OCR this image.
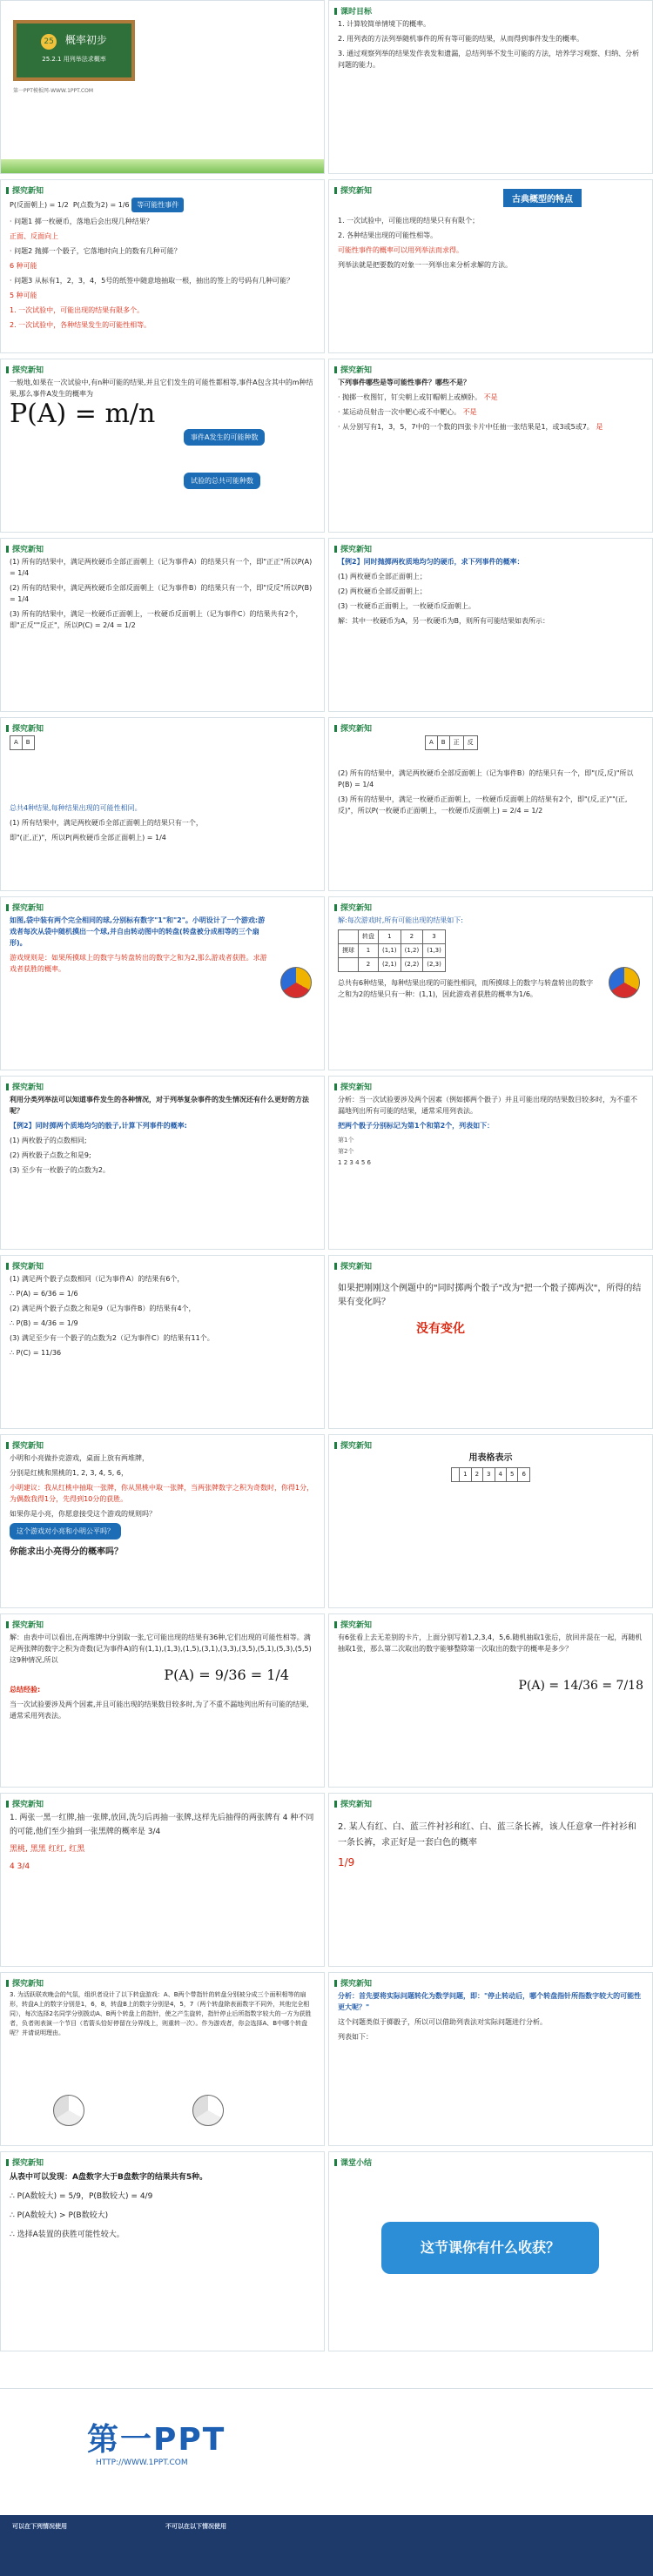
25 概率初步
25.2.1 用列举法求概率
第一PPT模板网-WWW.1PPT.COM
课时目标

1. 计算较简单情境下的概率。

2. 用列表的方法列举随机事件的所有等可能的结果，从而得到事件发生的概率。

3. 通过观察列举的结果发作表发和遗漏，总结列举不发生可能的方法，培养学习观察、归纳、分析问题的能力。

探究新知

P(反面朝上) = 1/2 P(点数为2) = 1/6 等可能性事件

· 问题1 掷一枚硬币，落地后会出现几种结果？

正面、反面向上

· 问题2 抛掷一个骰子，它落地时向上的数有几种可能？

6 种可能

· 问题3 从标有1，2，3，4，5号的纸签中随意地抽取一根，抽出的签上的号码有几种可能？

5 种可能

1. 一次试验中，可能出现的结果有限多个。

2. 一次试验中，各种结果发生的可能性相等。

探究新知
古典概型的特点

1. 一次试验中，可能出现的结果只有有限个；

2. 各种结果出现的可能性相等。

可能性事件的概率可以用列举法而求得。

列举法就是把要数的对象一一列举出来分析求解的方法。

探究新知

一般地,如果在一次试验中,有n种可能的结果,并且它们发生的可能性都相等,事件A包含其中的m种结果,那么事件A发生的概率为

P(A) = m/n
事件A发生的可能种数
试验的总共可能种数
探究新知

下列事件哪些是等可能性事件？哪些不是？

· 抛掷一枚图钉，钉尖朝上或钉帽朝上或横卧。 不是

· 某运动员射击一次中靶心或不中靶心。 不是

· 从分别写有1，3，5，7中的一个数的四张卡片中任抽一张结果是1，或3或5或7。 是

探究新知

(1) 所有的结果中，满足两枚硬币全部正面朝上（记为事件A）的结果只有一个，即"正正"所以P(A) = 1/4

(2) 所有的结果中，满足两枚硬币全部反面朝上（记为事件B）的结果只有一个，即"反反"所以P(B) = 1/4

(3) 所有的结果中，满足一枚硬币正面朝上，一枚硬币反面朝上（记为事件C）的结果共有2个，即"正反""反正"，所以P(C) = 2/4 = 1/2

探究新知

【例2】同时抛掷两枚质地均匀的硬币，求下列事件的概率：

(1) 两枚硬币全部正面朝上；

(2) 两枚硬币全部反面朝上；

(3) 一枚硬币正面朝上，一枚硬币反面朝上。

解：其中一枚硬币为A，另一枚硬币为B，则所有可能结果如表所示：

探究新知
A	B

总共4种结果,每种结果出现的可能性相同。

(1) 所有结果中，满足两枚硬币全部正面朝上的结果只有一个，

即"(正,正)"，所以P(两枚硬币全部正面朝上) = 1/4

探究新知
A	B	正	反

(2) 所有的结果中，满足两枚硬币全部反面朝上（记为事件B）的结果只有一个，即"(反,反)"所以P(B) = 1/4

(3) 所有的结果中，满足一枚硬币正面朝上，一枚硬币反面朝上的结果有2个，即"(反,正)""(正,反)"，所以P(一枚硬币正面朝上，一枚硬币反面朝上) = 2/4 = 1/2

探究新知

如图,袋中装有两个完全相同的球,分别标有数字"1"和"2"。小明设计了一个游戏:游戏者每次从袋中随机摸出一个球,并自由转动图中的转盘(转盘被分成相等的三个扇形)。

游戏规则是：如果所摸球上的数字与转盘转出的数字之和为2,那么游戏者获胜。求游戏者获胜的概率。

探究新知

解:每次游戏时,所有可能出现的结果如下:

	转盘	1	2	3
摸球	1	(1,1)	(1,2)	(1,3)
	2	(2,1)	(2,2)	(2,3)

总共有6种结果，每种结果出现的可能性相同，而所摸球上的数字与转盘转出的数字之和为2的结果只有一种：(1,1)，因此游戏者获胜的概率为1/6。

探究新知

利用分类列举法可以知道事件发生的各种情况，对于列举复杂事件的发生情况还有什么更好的方法呢？

【例2】同时掷两个质地均匀的骰子,计算下列事件的概率:

(1) 两枚骰子的点数相同;

(2) 两枚骰子点数之和是9;

(3) 至少有一枚骰子的点数为2。

探究新知

分析：当一次试验要涉及两个因素（例如掷两个骰子）并且可能出现的结果数目较多时，为不重不漏地列出所有可能的结果，通常采用列表法。

把两个骰子分别标记为第1个和第2个，列表如下：

第1个
第2个
1 2 3 4 5 6
探究新知

(1) 满足两个骰子点数相同（记为事件A）的结果有6个，

∴ P(A) = 6/36 = 1/6

(2) 满足两个骰子点数之和是9（记为事件B）的结果有4个，

∴ P(B) = 4/36 = 1/9

(3) 满足至少有一个骰子的点数为2（记为事件C）的结果有11个。

∴ P(C) = 11/36

探究新知

如果把刚刚这个例题中的"同时掷两个骰子"改为"把一个骰子掷两次"，所得的结果有变化吗？

没有变化

探究新知

小明和小亮做扑克游戏，桌面上放有两堆牌，

分别是红桃和黑桃的1, 2, 3, 4, 5, 6，

小明建议：我从红桃中抽取一张牌，你从黑桃中取一张牌，当两张牌数字之积为奇数时，你得1分，为偶数我得1分，先得到10分的获胜。

如果你是小亮，你愿意接受这个游戏的规则吗？

这个游戏对小亮和小明公平吗？

你能求出小亮得分的概率吗？

探究新知

用表格表示

	1	2	3	4	5	6
探究新知

解：由表中可以看出,在两堆牌中分别取一张,它可能出现的结果有36种,它们出现的可能性相等。满足两张牌的数字之积为奇数(记为事件A)的有(1,1),(1,3),(1,5),(3,1),(3,3),(3,5),(5,1),(5,3),(5,5)这9种情况,所以

P(A) = 9/36 = 1/4

总结经验:

当一次试验要涉及两个因素,并且可能出现的结果数目较多时,为了不重不漏地列出所有可能的结果,通常采用列表法。

探究新知

有6张看上去无差别的卡片，上面分别写着1,2,3,4，5,6.随机抽取1张后，放回并混在一起，再随机抽取1张，那么第二次取出的数字能够整除第一次取出的数字的概率是多少？

P(A) = 14/36 = 7/18

探究新知

1. 两张一黑一红牌,抽一张牌,放回,洗匀后再抽一张牌,这样先后抽得的两张牌有 4 种不同的可能,他们至少抽到一张黑牌的概率是 3/4

黑桃, 黑黑 红红, 红黑

4 3/4

探究新知

2. 某人有红、白、蓝三件衬衫和红、白、蓝三条长裤，该人任意拿一件衬衫和一条长裤，求正好是一套白色的概率

1/9

探究新知

3. 为活跃联欢晚会的气氛，组织者设计了以下转盘游戏：A、B两个带指针的转盘分别被分成三个面积相等的扇形，转盘A上的数字分别是1，6，8，转盘B上的数字分别是4，5，7（两个转盘除表面数字不同外，其他完全相同），每次选择2名同学分别拨动A、B两个转盘上的指针，使之产生旋转，指针停止后所指数字较大的一方为获胜者，负者则表演一个节目（若箭头恰好停留在分界线上，则重转一次）。作为游戏者，你会选择A、B中哪个转盘呢？并请说明理由。

探究新知

分析：首先要将实际问题转化为数学问题，即："停止转动后，哪个转盘指针所指数字较大的可能性更大呢？"

这个问题类似于掷骰子，所以可以借助列表法对实际问题进行分析。

列表如下：

探究新知

从表中可以发现：A盘数字大于B盘数字的结果共有5种。

∴ P(A数较大) = 5/9，P(B数较大) = 4/9

∴ P(A数较大) > P(B数较大)

∴ 选择A装置的获胜可能性较大。

课堂小结
这节课你有什么收获？
第一PPT
HTTP://WWW.1PPT.COM
可以在下列情况使用	不可以在以下情况使用
